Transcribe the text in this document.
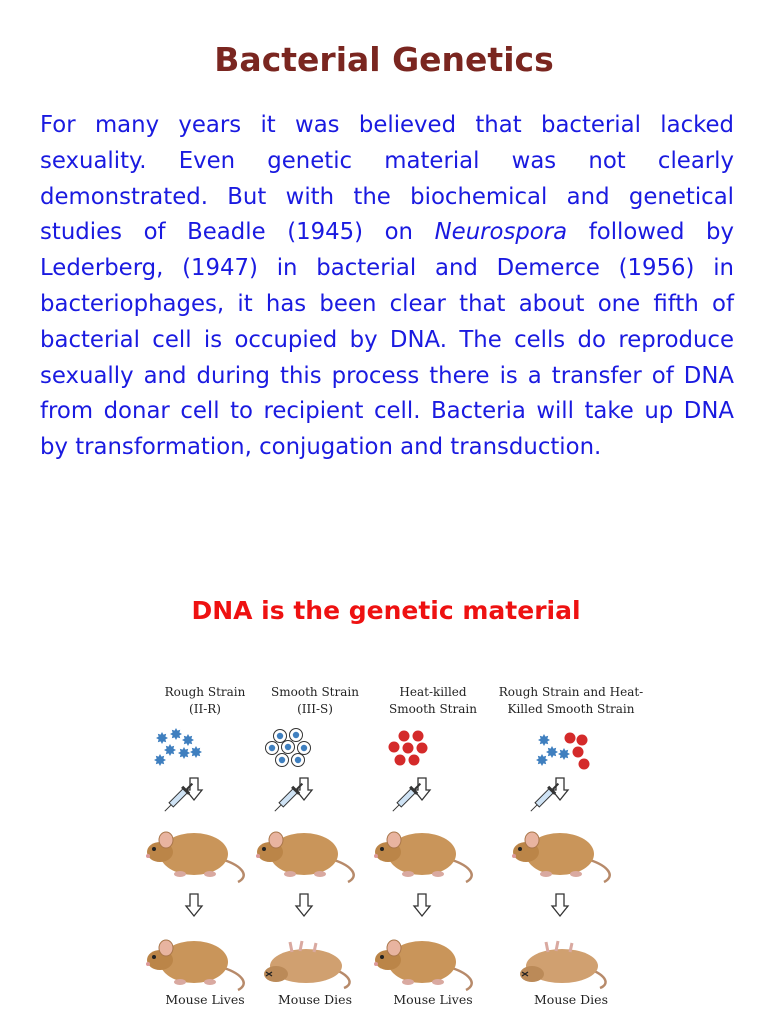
Bacterial Genetics

For many years it was believed that bacterial lacked sexuality. Even genetic material was not clearly demonstrated. But with the biochemical and genetical studies of Beadle (1945) on Neurospora followed by Lederberg, (1947) in bacterial and Demerce (1956) in bacteriophages, it has been clear that about one fifth of bacterial cell is occupied by DNA. The cells do reproduce sexually and during this process there is a transfer of DNA from donar cell to recipient cell. Bacteria will take up DNA by transformation, conjugation and transduction.

DNA is the genetic material
Rough Strain
(II-R)
Mouse Lives
Smooth Strain
(III-S)
Mouse Dies
Heat-killed
Smooth Strain
Mouse Lives
Rough Strain and Heat-
Killed Smooth Strain
Mouse Dies
